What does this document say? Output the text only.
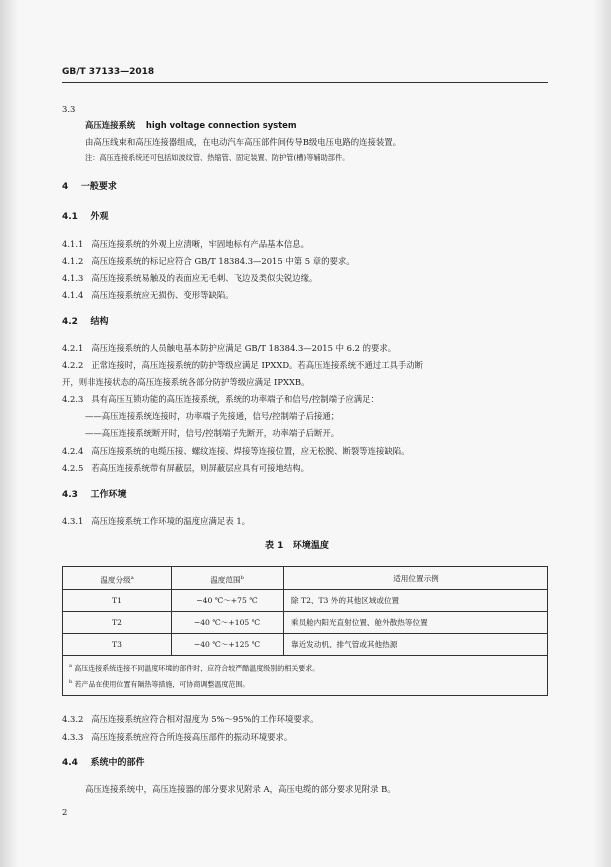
GB/T 37133—2018
3.3
高压连接系统 high voltage connection system
由高压线束和高压连接器组成，在电动汽车高压部件间传导B级电压电路的连接装置。
注：高压连接系统还可包括如波纹管、热缩管、固定装置、防护管(槽)等辅助部件。
4 一般要求
4.1 外观
4.1.1 高压连接系统的外观上应清晰，牢固地标有产品基本信息。
4.1.2 高压连接系统的标记应符合 GB/T 18384.3—2015 中第 5 章的要求。
4.1.3 高压连接系统易触及的表面应无毛刺、飞边及类似尖锐边缘。
4.1.4 高压连接系统应无损伤、变形等缺陷。
4.2 结构
4.2.1 高压连接系统的人员触电基本防护应满足 GB/T 18384.3—2015 中 6.2 的要求。
4.2.2 正常连接时，高压连接系统的防护等级应满足 IPXXD。若高压连接系统不通过工具手动断
开，则非连接状态的高压连接系统各部分防护等级应满足 IPXXB。
4.2.3 具有高压互锁功能的高压连接系统，系统的功率端子和信号/控制端子应满足：
——高压连接系统连接时，功率端子先接通，信号/控制端子后接通；
——高压连接系统断开时，信号/控制端子先断开，功率端子后断开。
4.2.4 高压连接系统的电缆压接、螺纹连接、焊接等连接位置，应无松脱、断裂等连接缺陷。
4.2.5 若高压连接系统带有屏蔽层，则屏蔽层应具有可接地结构。
4.3 工作环境
4.3.1 高压连接系统工作环境的温度应满足表 1。
表 1 环境温度
温度分级$^a$	温度范围$^b$	适用位置示例
T1	−40 ℃～+75 ℃	除 T2、T3 外的其他区域或位置
T2	−40 ℃～+105 ℃	乘员舱内阳光直射位置、舱外散热等位置
T3	−40 ℃～+125 ℃	靠近发动机、排气管或其他热源
$^a$ 高压连接系统连接不同温度环境的部件时，应符合较严酷温度级别的相关要求。
$^b$ 若产品在使用位置有隔热等措施，可协商调整温度范围。
4.3.2 高压连接系统应符合相对湿度为 5%～95%的工作环境要求。
4.3.3 高压连接系统应符合所连接高压部件的振动环境要求。
4.4 系统中的部件
高压连接系统中，高压连接器的部分要求见附录 A，高压电缆的部分要求见附录 B。
2
